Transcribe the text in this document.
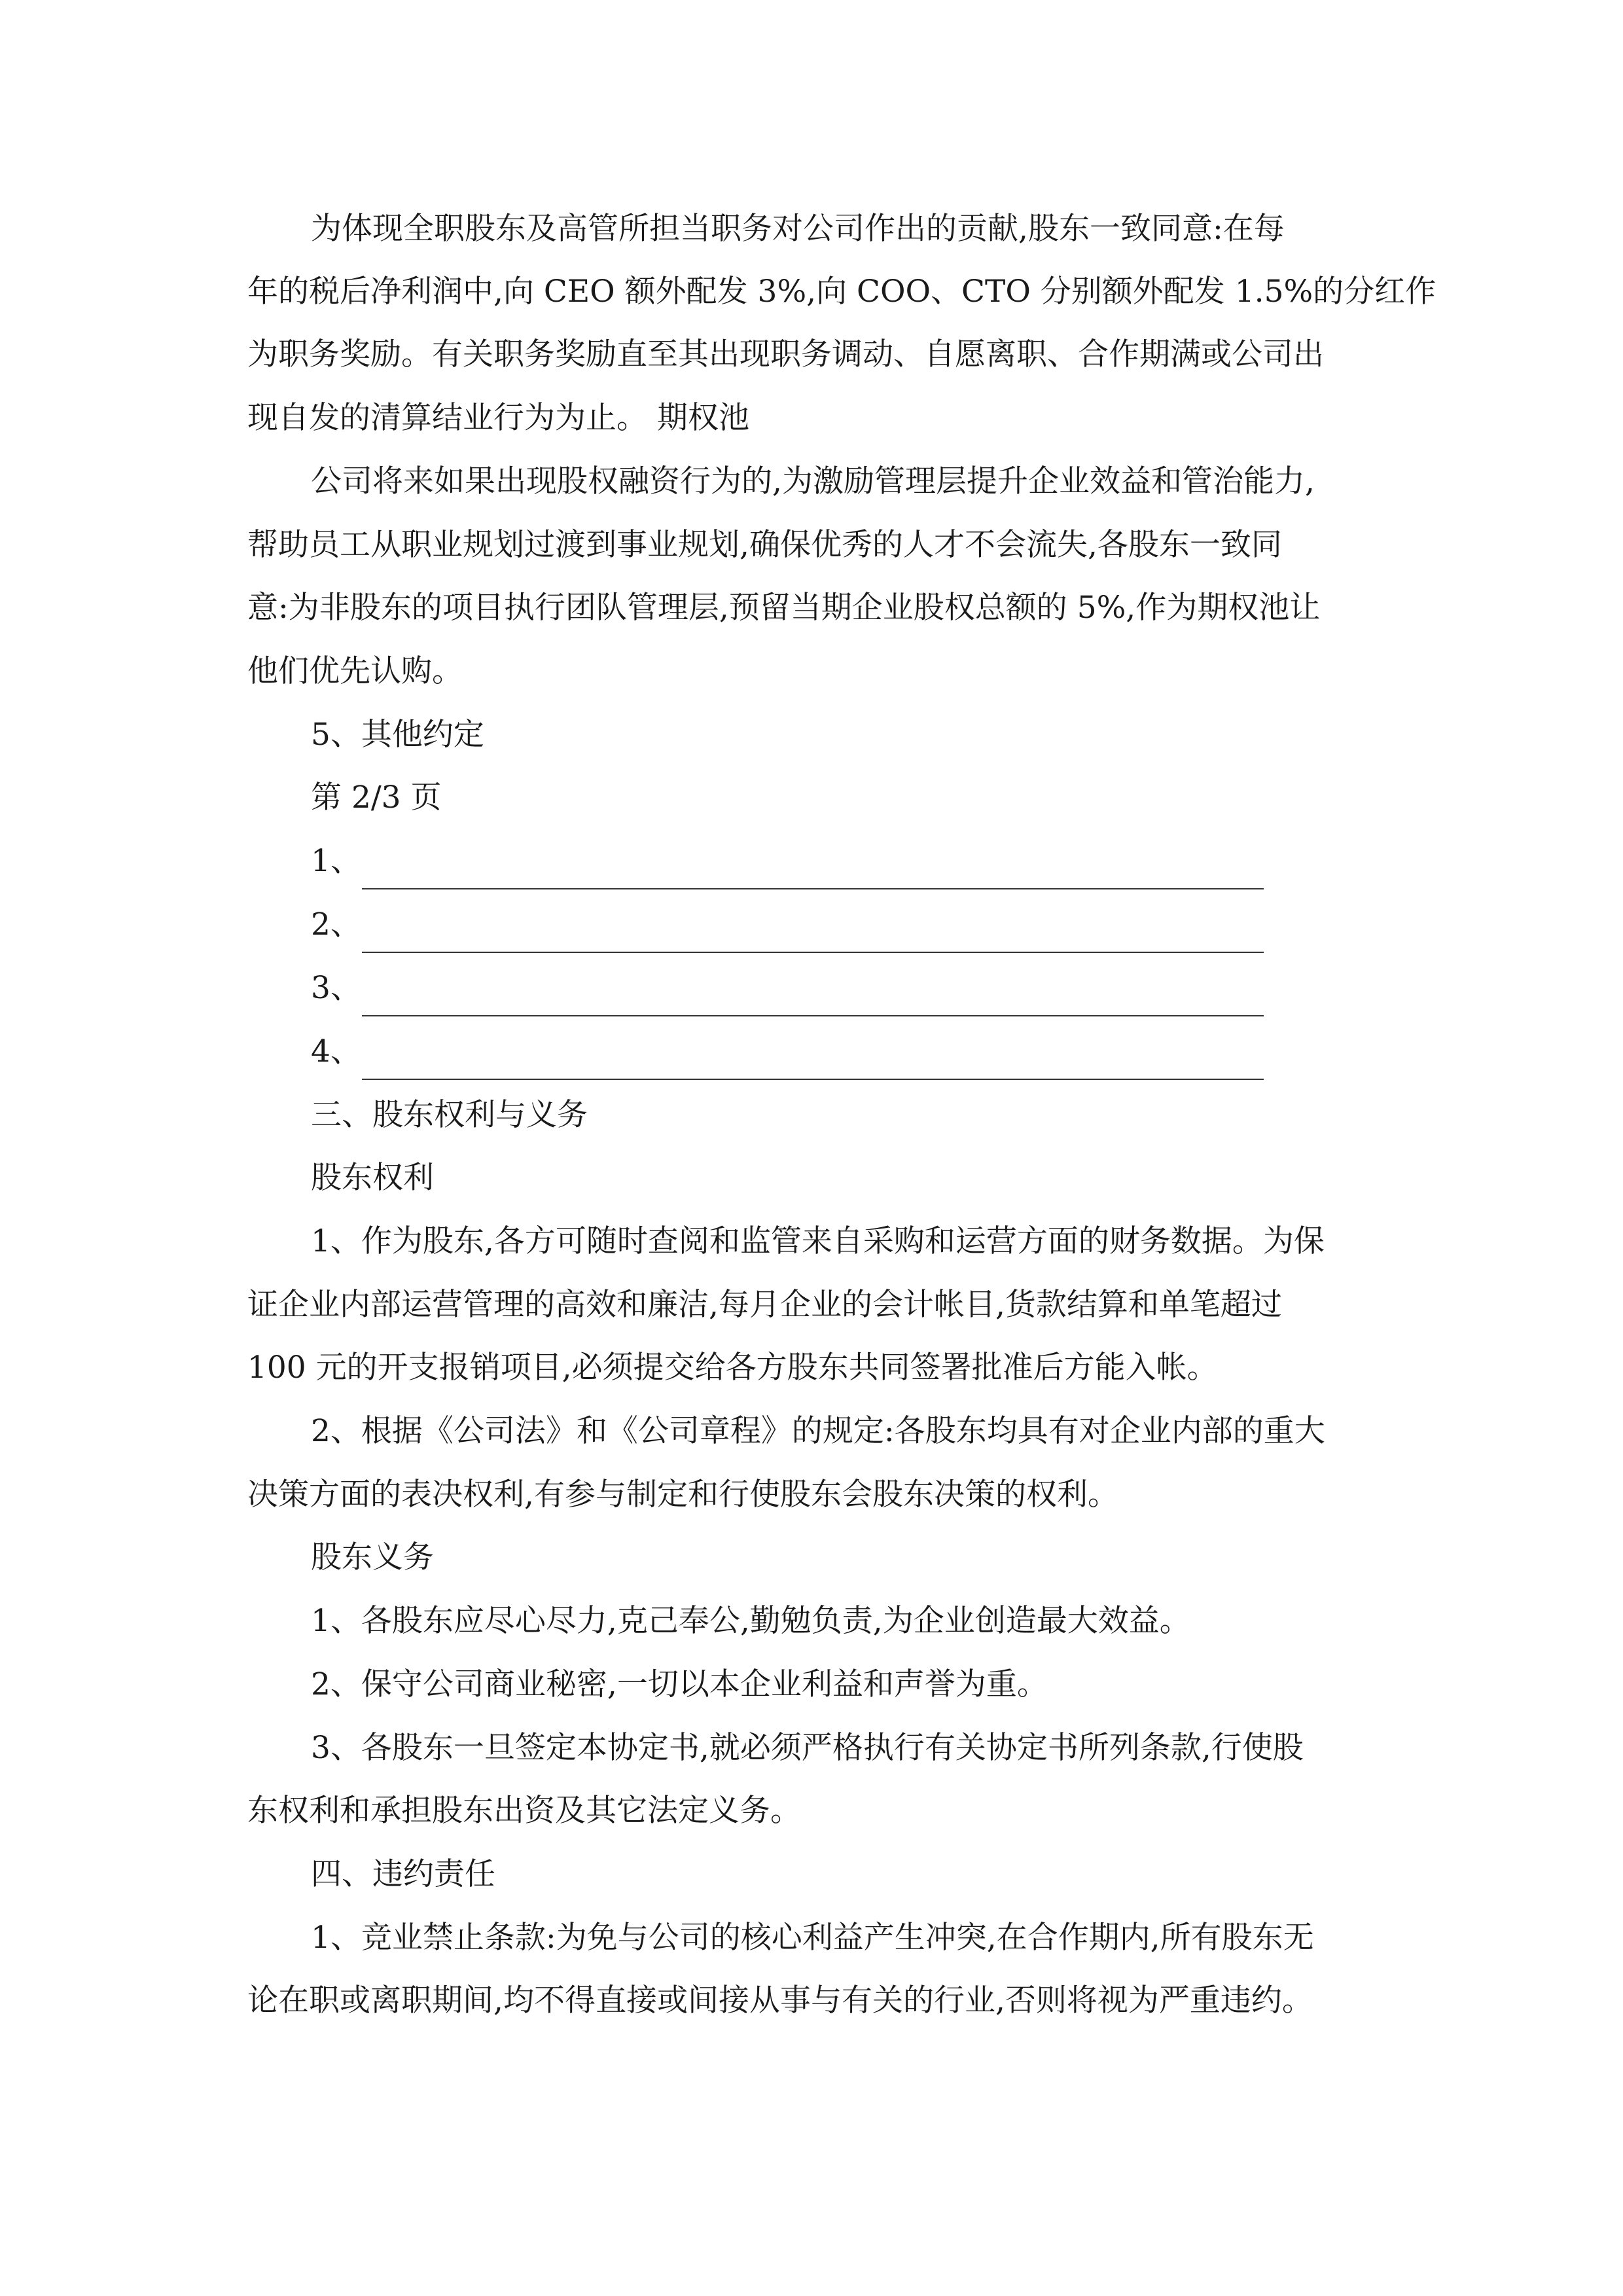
为体现全职股东及高管所担当职务对公司作出的贡献,股东一致同意:在每
年的税后净利润中,向 CEO 额外配发 3%,向 COO、CTO 分别额外配发 1.5%的分红作
为职务奖励。有关职务奖励直至其出现职务调动、自愿离职、合作期满或公司出
现自发的清算结业行为为止。 期权池
公司将来如果出现股权融资行为的,为激励管理层提升企业效益和管治能力,
帮助员工从职业规划过渡到事业规划,确保优秀的人才不会流失,各股东一致同
意:为非股东的项目执行团队管理层,预留当期企业股权总额的 5%,作为期权池让
他们优先认购。
5、其他约定
第 2/3 页
1、
2、
3、
4、
三、股东权利与义务
股东权利
1、作为股东,各方可随时查阅和监管来自采购和运营方面的财务数据。为保
证企业内部运营管理的高效和廉洁,每月企业的会计帐目,货款结算和单笔超过
100 元的开支报销项目,必须提交给各方股东共同签署批准后方能入帐。
2、根据《公司法》和《公司章程》的规定:各股东均具有对企业内部的重大
决策方面的表决权利,有参与制定和行使股东会股东决策的权利。
股东义务
1、各股东应尽心尽力,克己奉公,勤勉负责,为企业创造最大效益。
2、保守公司商业秘密,一切以本企业利益和声誉为重。
3、各股东一旦签定本协定书,就必须严格执行有关协定书所列条款,行使股
东权利和承担股东出资及其它法定义务。
四、违约责任
1、竞业禁止条款:为免与公司的核心利益产生冲突,在合作期内,所有股东无
论在职或离职期间,均不得直接或间接从事与有关的行业,否则将视为严重违约。
